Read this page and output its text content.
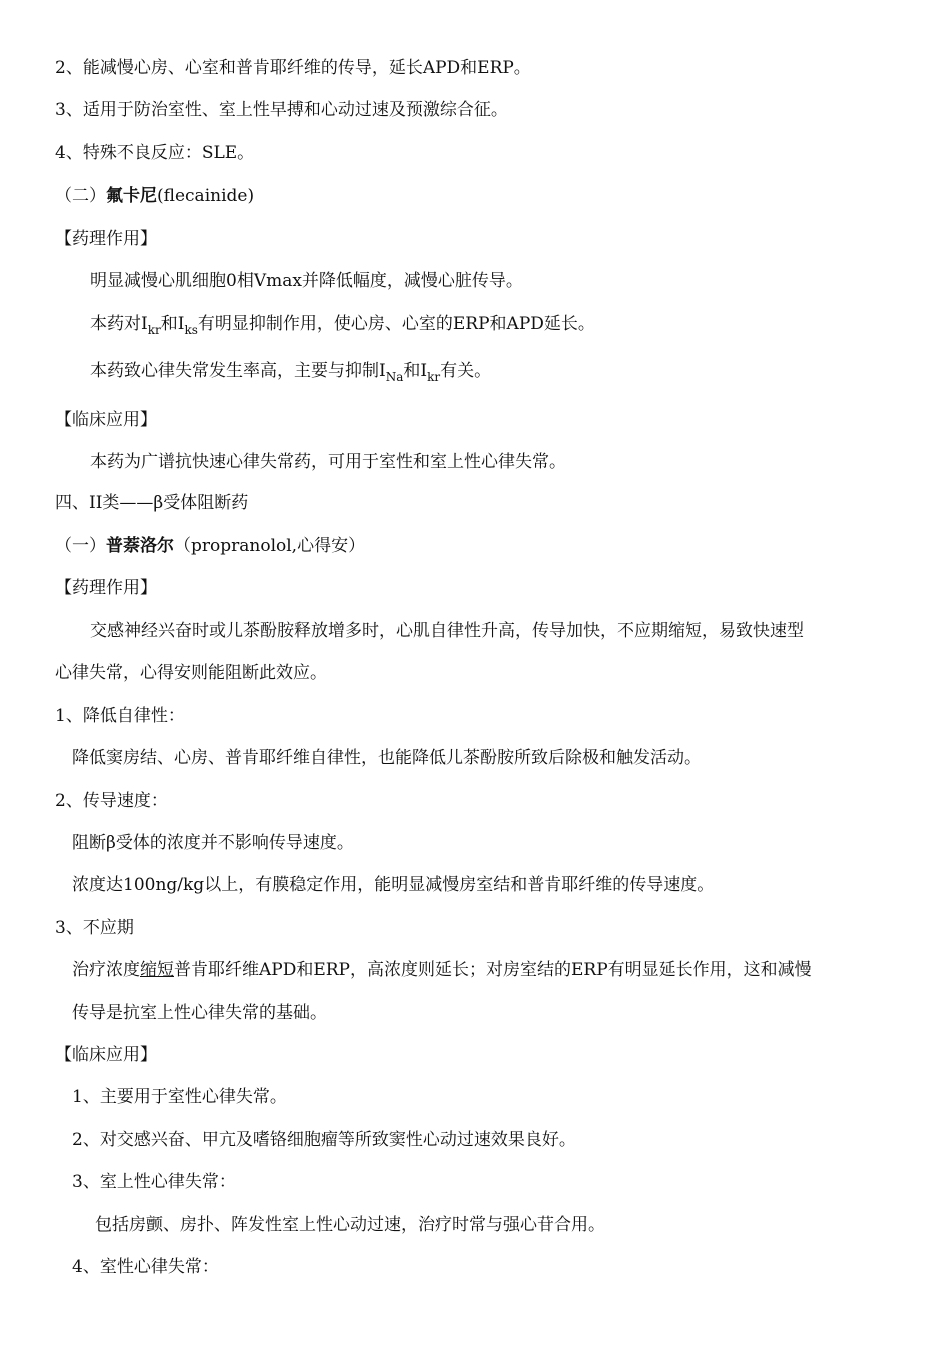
2、能减慢心房、心室和普肯耶纤维的传导，延长APD和ERP。
3、适用于防治室性、室上性早搏和心动过速及预激综合征。
4、特殊不良反应：SLE。
（二）氟卡尼(flecainide)
【药理作用】
明显减慢心肌细胞0相Vmax并降低幅度，减慢心脏传导。
本药对$I_{kr}$和$I_{ks}$有明显抑制作用，使心房、心室的ERP和APD延长。
本药致心律失常发生率高，主要与抑制$I_{Na}$和$I_{kr}$有关。
【临床应用】
本药为广谱抗快速心律失常药，可用于室性和室上性心律失常。
四、II类——β受体阻断药
（一）普萘洛尔（propranolol,心得安）
【药理作用】
交感神经兴奋时或儿茶酚胺释放增多时，心肌自律性升高，传导加快，不应期缩短，易致快速型
心律失常，心得安则能阻断此效应。
1、降低自律性：
降低窦房结、心房、普肯耶纤维自律性，也能降低儿茶酚胺所致后除极和触发活动。
2、传导速度：
阻断β受体的浓度并不影响传导速度。
浓度达100ng/kg以上，有膜稳定作用，能明显减慢房室结和普肯耶纤维的传导速度。
3、不应期
治疗浓度缩短普肯耶纤维APD和ERP，高浓度则延长；对房室结的ERP有明显延长作用，这和减慢
传导是抗室上性心律失常的基础。
【临床应用】
1、主要用于室性心律失常。
2、对交感兴奋、甲亢及嗜铬细胞瘤等所致窦性心动过速效果良好。
3、室上性心律失常：
包括房颤、房扑、阵发性室上性心动过速，治疗时常与强心苷合用。
4、室性心律失常：
